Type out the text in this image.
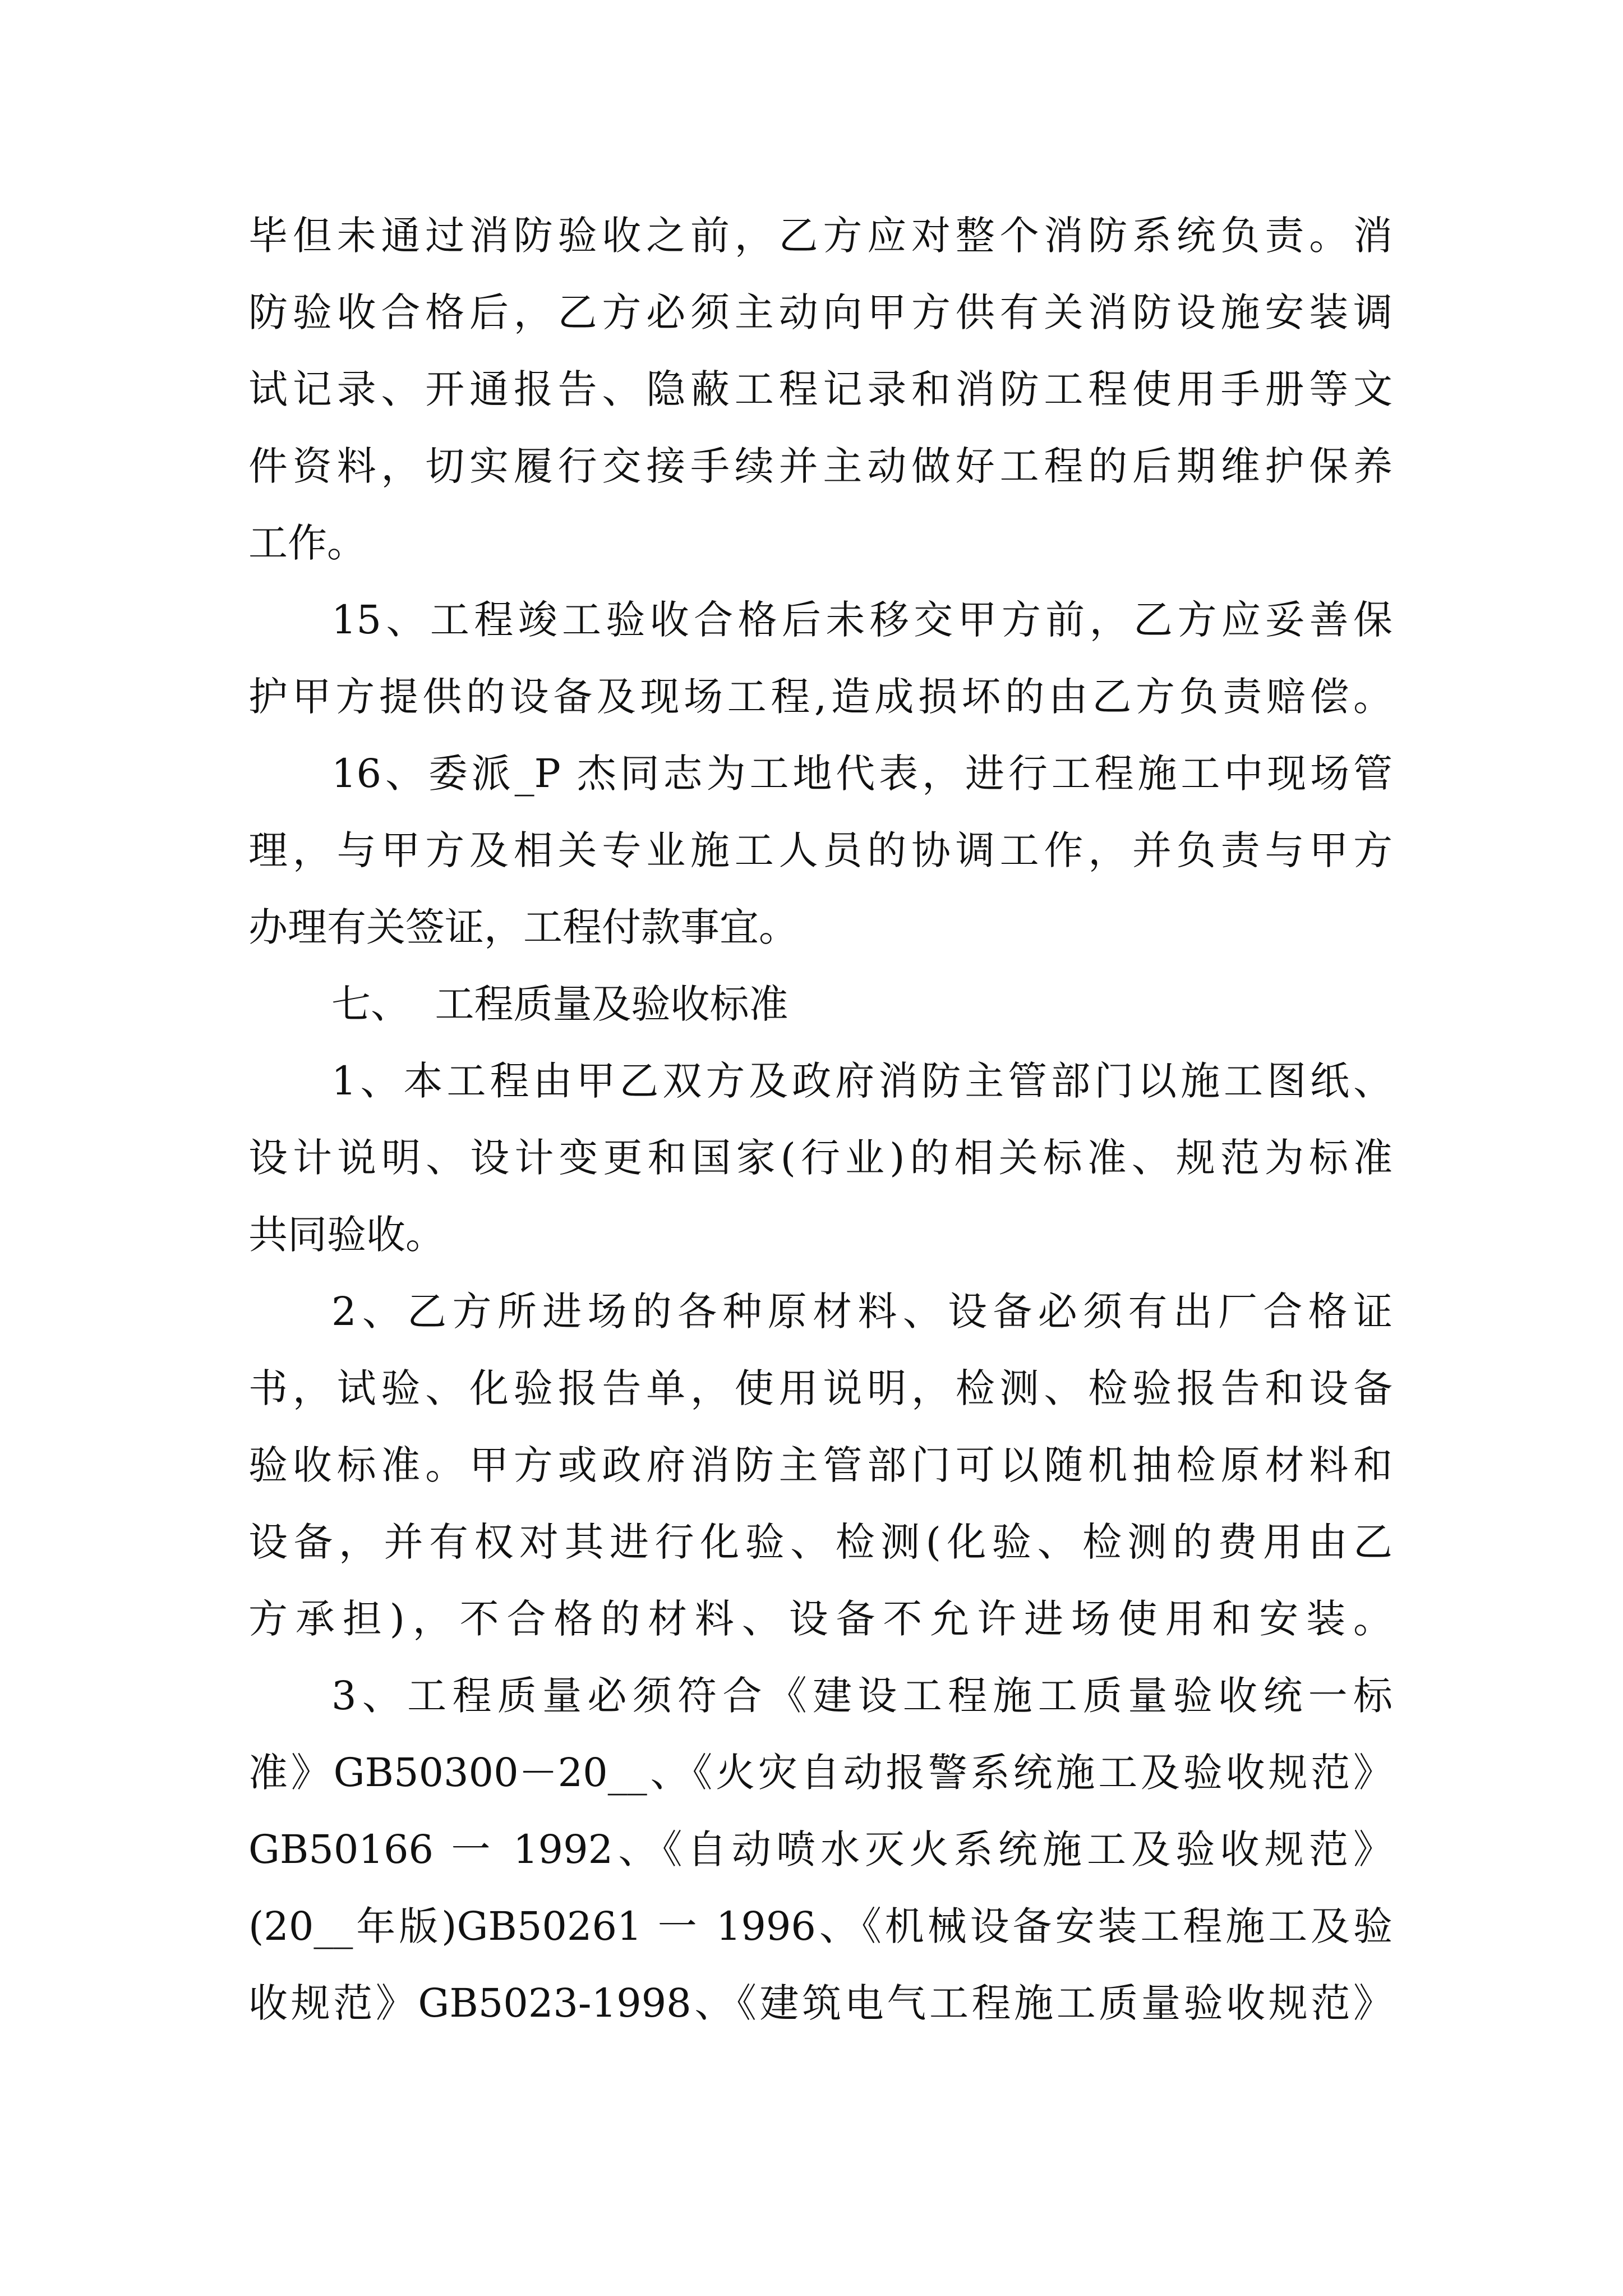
毕但未通过消防验收之前，乙方应对整个消防系统负责。消
防验收合格后，乙方必须主动向甲方供有关消防设施安装调
试记录、开通报告、隐蔽工程记录和消防工程使用手册等文
件资料，切实履行交接手续并主动做好工程的后期维护保养
工作。
15、工程竣工验收合格后未移交甲方前，乙方应妥善保
护甲方提供的设备及现场工程,造成损坏的由乙方负责赔偿。
16、委派_P 杰同志为工地代表，进行工程施工中现场管
理，与甲方及相关专业施工人员的协调工作，并负责与甲方
办理有关签证，工程付款事宜。
七、  工程质量及验收标准
1、本工程由甲乙双方及政府消防主管部门以施工图纸、
设计说明、设计变更和国家(行业)的相关标准、规范为标准
共同验收。
2、乙方所进场的各种原材料、设备必须有出厂合格证
书，试验、化验报告单，使用说明，检测、检验报告和设备
验收标准。甲方或政府消防主管部门可以随机抽检原材料和
设备，并有权对其进行化验、检测(化验、检测的费用由乙
方承担)，不合格的材料、设备不允许进场使用和安装。
3、工程质量必须符合《建设工程施工质量验收统一标
准》GB50300－20__、《火灾自动报警系统施工及验收规范》
GB50166 一 1992、《自动喷水灭火系统施工及验收规范》
(20__年版)GB50261 一 1996、《机械设备安装工程施工及验
收规范》GB5023-1998、《建筑电气工程施工质量验收规范》
